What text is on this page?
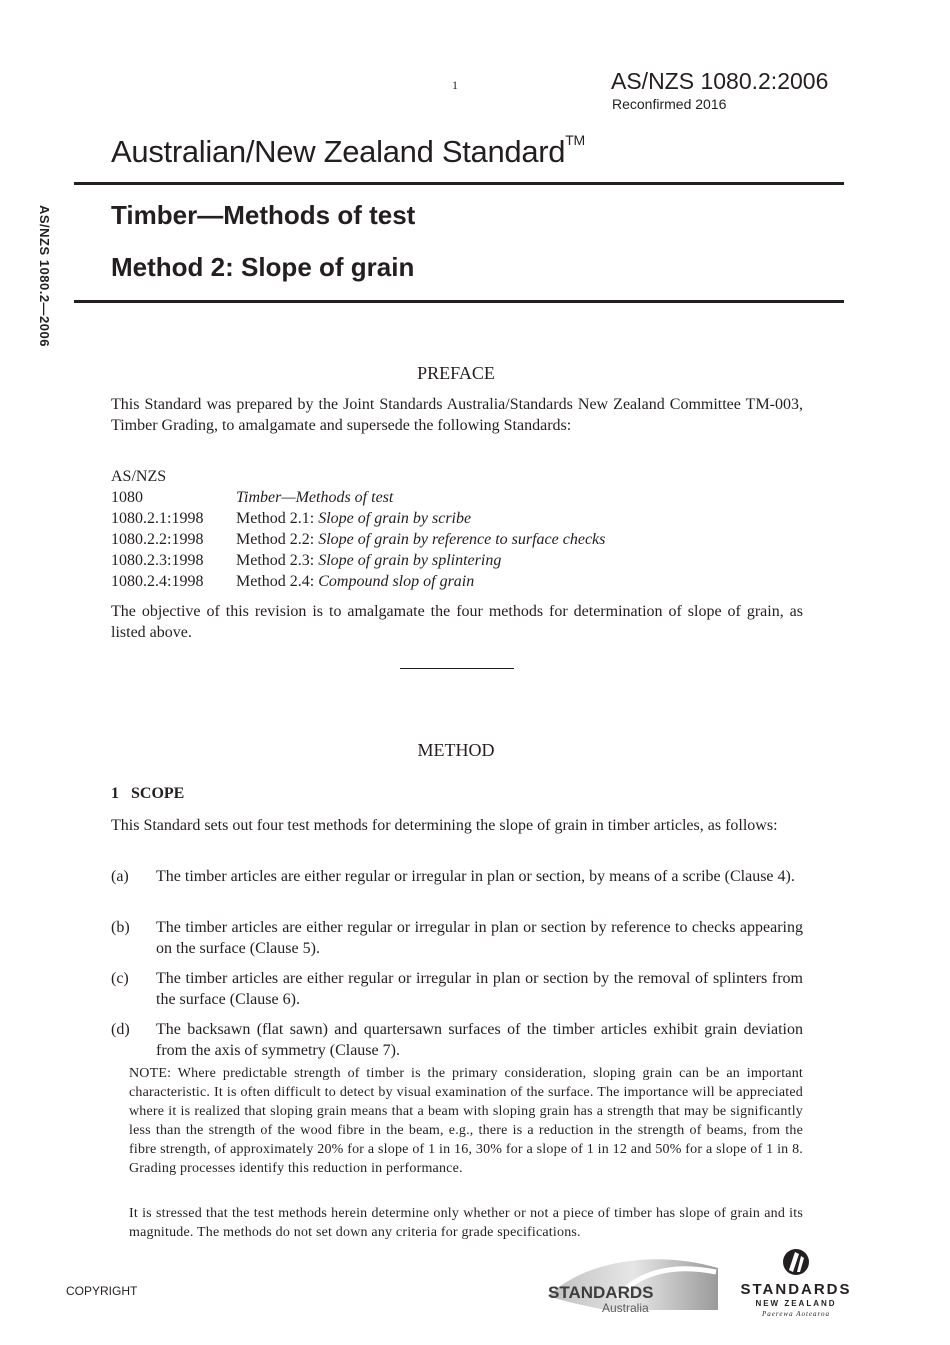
1	AS/NZS 1080.2:2006
Reconfirmed 2016
Australian/New Zealand Standard™
Timber—Methods of test
Method 2: Slope of grain
AS/NZS 1080.2—2006
PREFACE
This Standard was prepared by the Joint Standards Australia/Standards New Zealand Committee TM-003, Timber Grading, to amalgamate and supersede the following Standards:
AS/NZS
1080	Timber—Methods of test
1080.2.1:1998 Method 2.1: Slope of grain by scribe
1080.2.2:1998 Method 2.2: Slope of grain by reference to surface checks
1080.2.3:1998 Method 2.3: Slope of grain by splintering
1080.2.4:1998 Method 2.4: Compound slop of grain
The objective of this revision is to amalgamate the four methods for determination of slope of grain, as listed above.
METHOD
1 SCOPE
This Standard sets out four test methods for determining the slope of grain in timber articles, as follows:
(a) The timber articles are either regular or irregular in plan or section, by means of a scribe (Clause 4).
(b) The timber articles are either regular or irregular in plan or section by reference to checks appearing on the surface (Clause 5).
(c) The timber articles are either regular or irregular in plan or section by the removal of splinters from the surface (Clause 6).
(d) The backsawn (flat sawn) and quartersawn surfaces of the timber articles exhibit grain deviation from the axis of symmetry (Clause 7).
NOTE: Where predictable strength of timber is the primary consideration, sloping grain can be an important characteristic. It is often difficult to detect by visual examination of the surface. The importance will be appreciated where it is realized that sloping grain means that a beam with sloping grain has a strength that may be significantly less than the strength of the wood fibre in the beam, e.g., there is a reduction in the strength of beams, from the fibre strength, of approximately 20% for a slope of 1 in 16, 30% for a slope of 1 in 12 and 50% for a slope of 1 in 8. Grading processes identify this reduction in performance.
It is stressed that the test methods herein determine only whether or not a piece of timber has slope of grain and its magnitude. The methods do not set down any criteria for grade specifications.
COPYRIGHT	STANDARDS
Australia
STANDARDS
NEW ZEALAND
Paerewa Aotearoa
